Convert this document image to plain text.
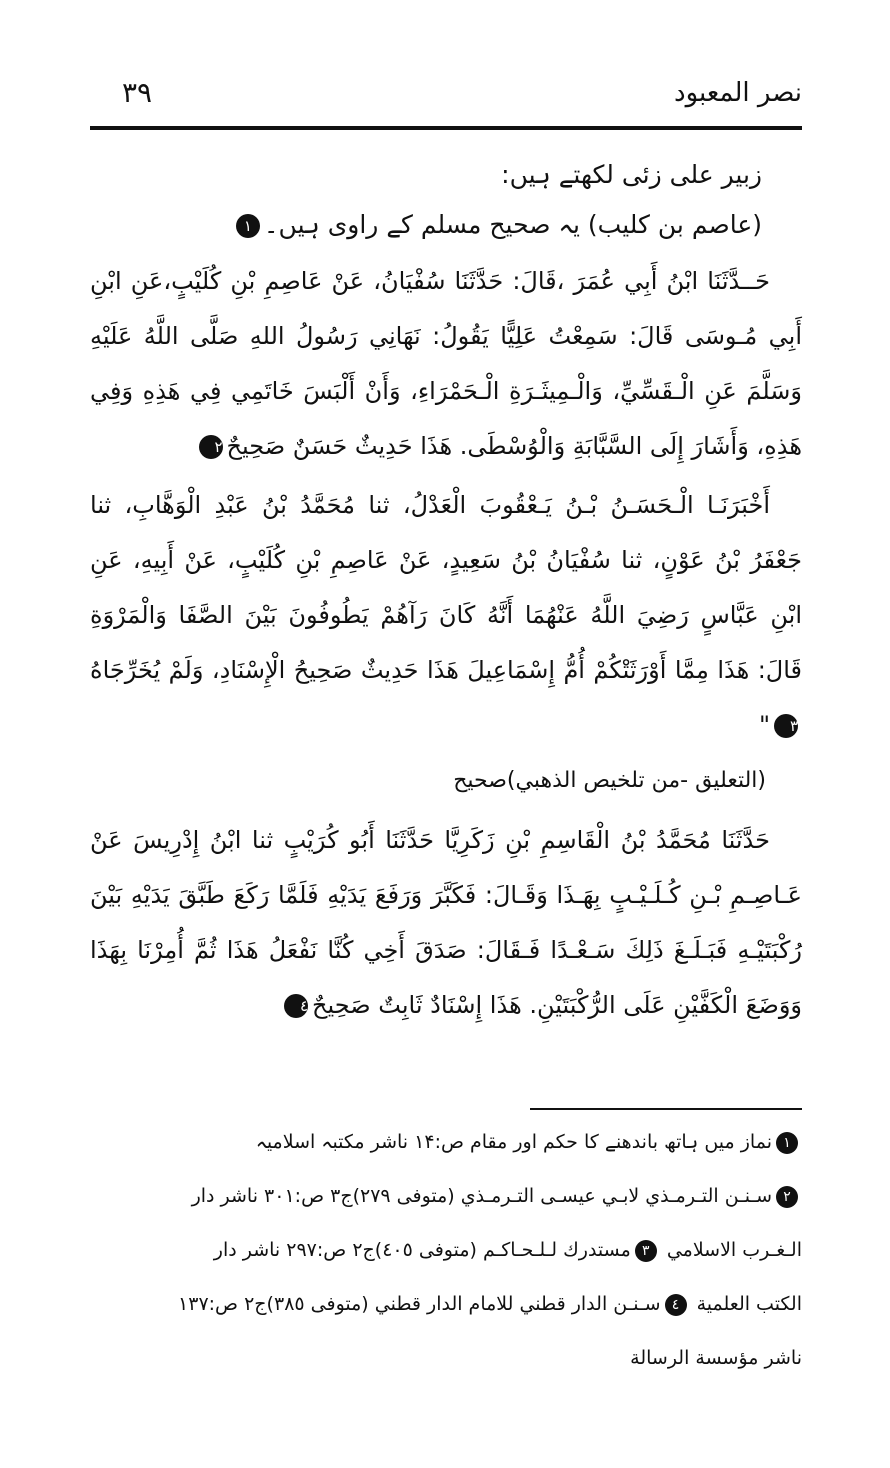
۳۹	نصر المعبود
زبیر علی زئی لکھتے ہیں:
(عاصم بن کلیب) یہ صحیح مسلم کے راوی ہیں۔١

حَــدَّثَنَا ابْنُ أَبِي عُمَرَ ،قَالَ: حَدَّثَنَا سُفْيَانُ، عَنْ عَاصِمِ بْنِ كُلَيْبٍ،عَنِ ابْنِ أَبِي مُـوسَى قَالَ: سَمِعْتُ عَلِيًّا يَقُولُ: نَهَانِي رَسُولُ اللهِ صَلَّى اللَّهُ عَلَيْهِ وَسَلَّمَ عَنِ الْـقَسِّيِّ، وَالْـمِيثَـرَةِ الْـحَمْرَاءِ، وَأَنْ أَلْبَسَ خَاتَمِي فِي هَذِهِ وَفِي هَذِهِ، وَأَشَارَ إِلَى السَّبَّابَةِ وَالْوُسْطَى. هَذَا حَدِيثٌ حَسَنٌ صَحِيحٌ٢

أَخْبَرَنَـا الْـحَسَـنُ بْـنُ يَـعْقُوبَ الْعَدْلُ، ثنا مُحَمَّدُ بْنُ عَبْدِ الْوَهَّابِ، ثنا جَعْفَرُ بْنُ عَوْنٍ، ثنا سُفْيَانُ بْنُ سَعِيدٍ، عَنْ عَاصِمِ بْنِ كُلَيْبٍ، عَنْ أَبِيهِ، عَنِ ابْنِ عَبَّاسٍ رَضِيَ اللَّهُ عَنْهُمَا أَنَّهُ كَانَ رَآهُمْ يَطُوفُونَ بَيْنَ الصَّفَا وَالْمَرْوَةِ قَالَ: هَذَا مِمَّا أَوْرَثَتْكُمْ أُمُّ إِسْمَاعِيلَ هَذَا حَدِيثٌ صَحِيحُ الْإِسْنَادِ، وَلَمْ يُخَرِّجَاهُ٣"

(التعليق -من تلخيص الذهبي)صحيح

حَدَّثَنَا مُحَمَّدُ بْنُ الْقَاسِمِ بْنِ زَكَرِيَّا حَدَّثَنَا أَبُو كُرَيْبٍ ثنا ابْنُ إِدْرِيسَ عَنْ عَـاصِـمِ بْـنِ كُـلَـيْـبٍ بِهَـذَا وَقَـالَ: فَكَبَّرَ وَرَفَعَ يَدَيْهِ فَلَمَّا رَكَعَ طَبَّقَ يَدَيْهِ بَيْنَ رُكْبَتَيْـهِ فَبَـلَـغَ ذَلِكَ سَـعْـدًا فَـقَالَ: صَدَقَ أَخِي كُنَّا نَفْعَلُ هَذَا ثُمَّ أُمِرْنَا بِهَذَا وَوَضَعَ الْكَفَّيْنِ عَلَى الرُّكْبَتَيْنِ. هَذَا إِسْنَادٌ ثَابِتٌ صَحِيحٌ٤

١نماز میں ہاتھ باندھنے کا حکم اور مقام ص:۱۴ ناشر مکتبہ اسلامیہ
٢سـنـن التـرمـذي لابـي عيسـى التـرمـذي (متوفى ٢٧٩)ج٣ ص:٣٠١ ناشر دار
الـغـرب الاسلامي ٣مستدرك لـلـحـاكـم (متوفى ٤٠٥)ج٢ ص:٢٩٧ ناشر دار
الكتب العلمية ٤سـنـن الدار قطني للامام الدار قطني (متوفى ٣٨٥)ج٢ ص:١٣٧
ناشر مؤسسة الرسالة
